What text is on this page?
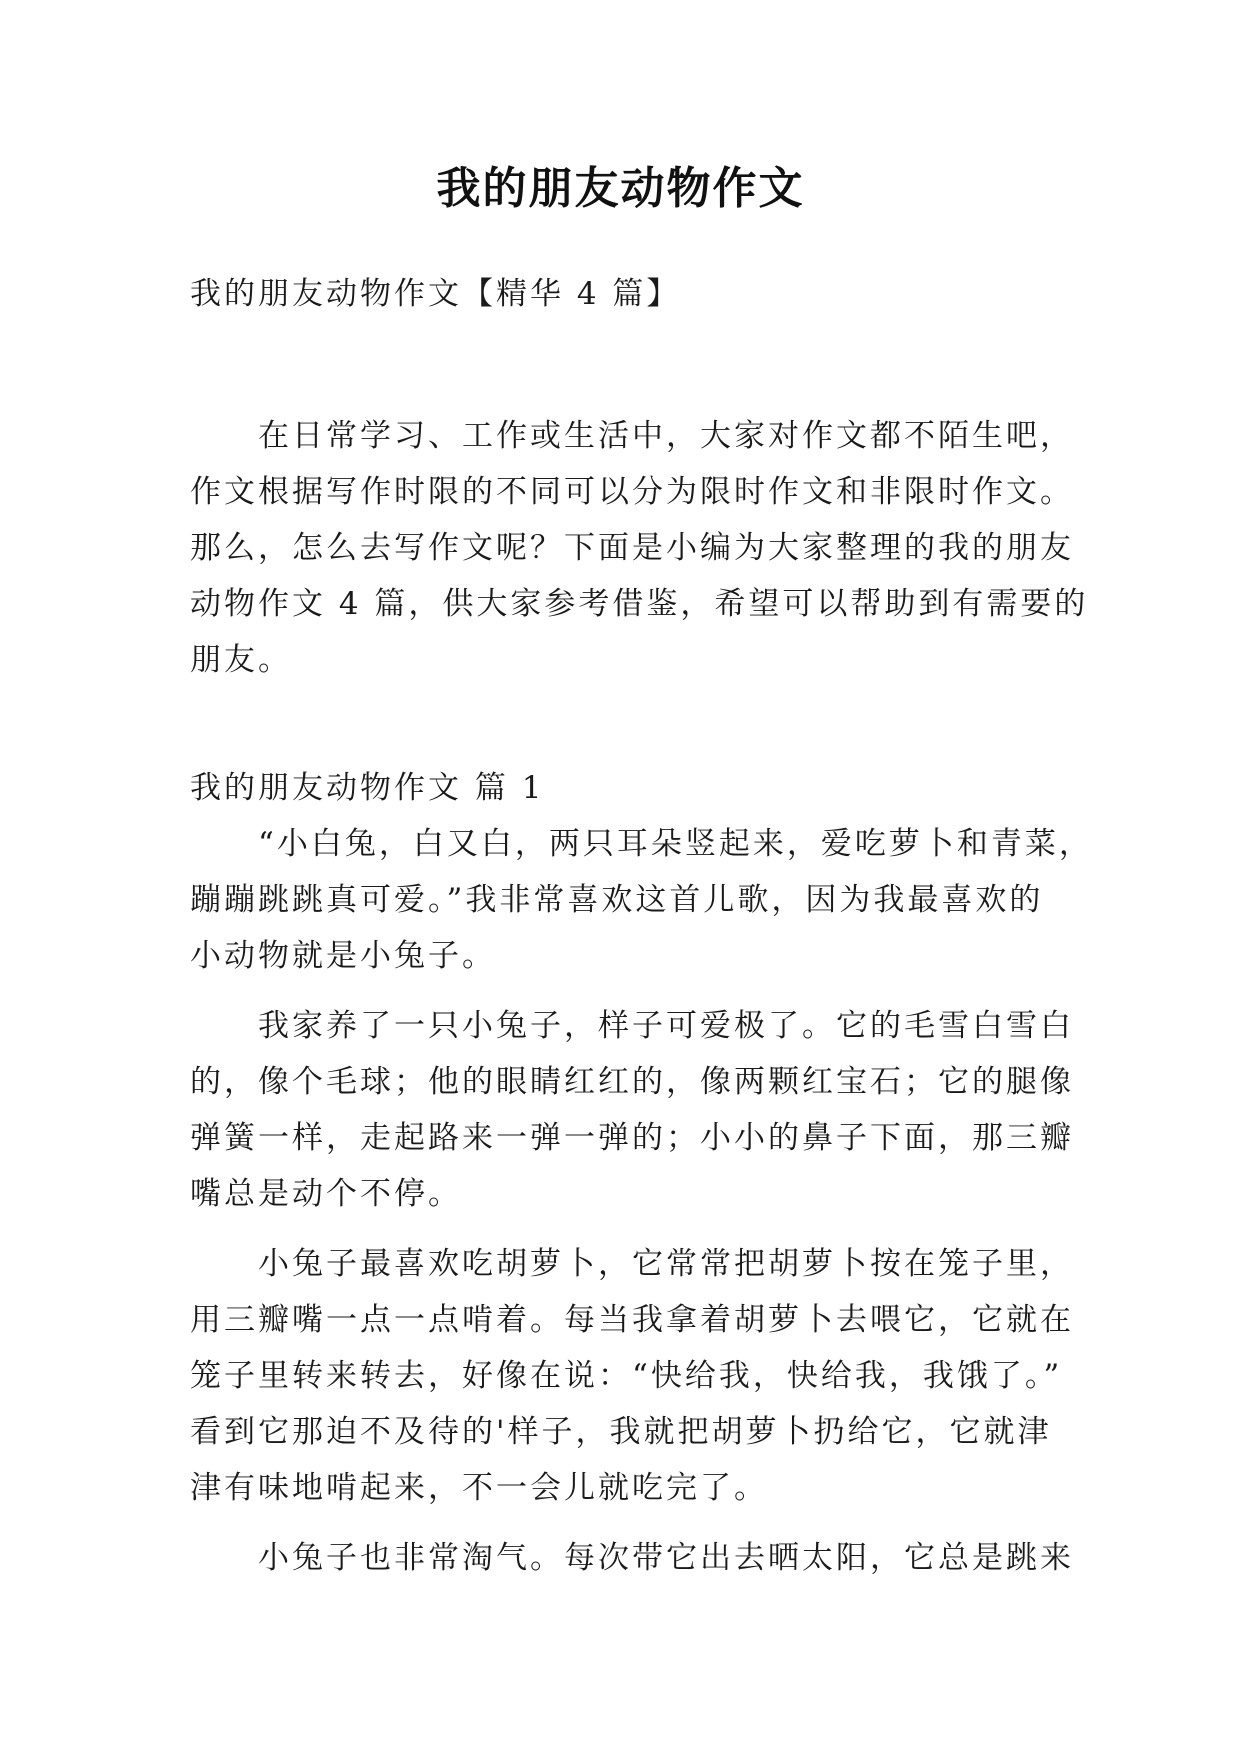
我的朋友动物作文
我的朋友动物作文【精华 4 篇】
在日常学习、工作或生活中，大家对作文都不陌生吧，
作文根据写作时限的不同可以分为限时作文和非限时作文。
那么，怎么去写作文呢？下面是小编为大家整理的我的朋友
动物作文 4 篇，供大家参考借鉴，希望可以帮助到有需要的
朋友。
我的朋友动物作文 篇 1
“小白兔，白又白，两只耳朵竖起来，爱吃萝卜和青菜，
蹦蹦跳跳真可爱。”我非常喜欢这首儿歌，因为我最喜欢的
小动物就是小兔子。
我家养了一只小兔子，样子可爱极了。它的毛雪白雪白
的，像个毛球；他的眼睛红红的，像两颗红宝石；它的腿像
弹簧一样，走起路来一弹一弹的；小小的鼻子下面，那三瓣
嘴总是动个不停。
小兔子最喜欢吃胡萝卜，它常常把胡萝卜按在笼子里，
用三瓣嘴一点一点啃着。每当我拿着胡萝卜去喂它，它就在
笼子里转来转去，好像在说：“快给我，快给我，我饿了。”
看到它那迫不及待的'样子，我就把胡萝卜扔给它，它就津
津有味地啃起来，不一会儿就吃完了。
小兔子也非常淘气。每次带它出去晒太阳，它总是跳来
